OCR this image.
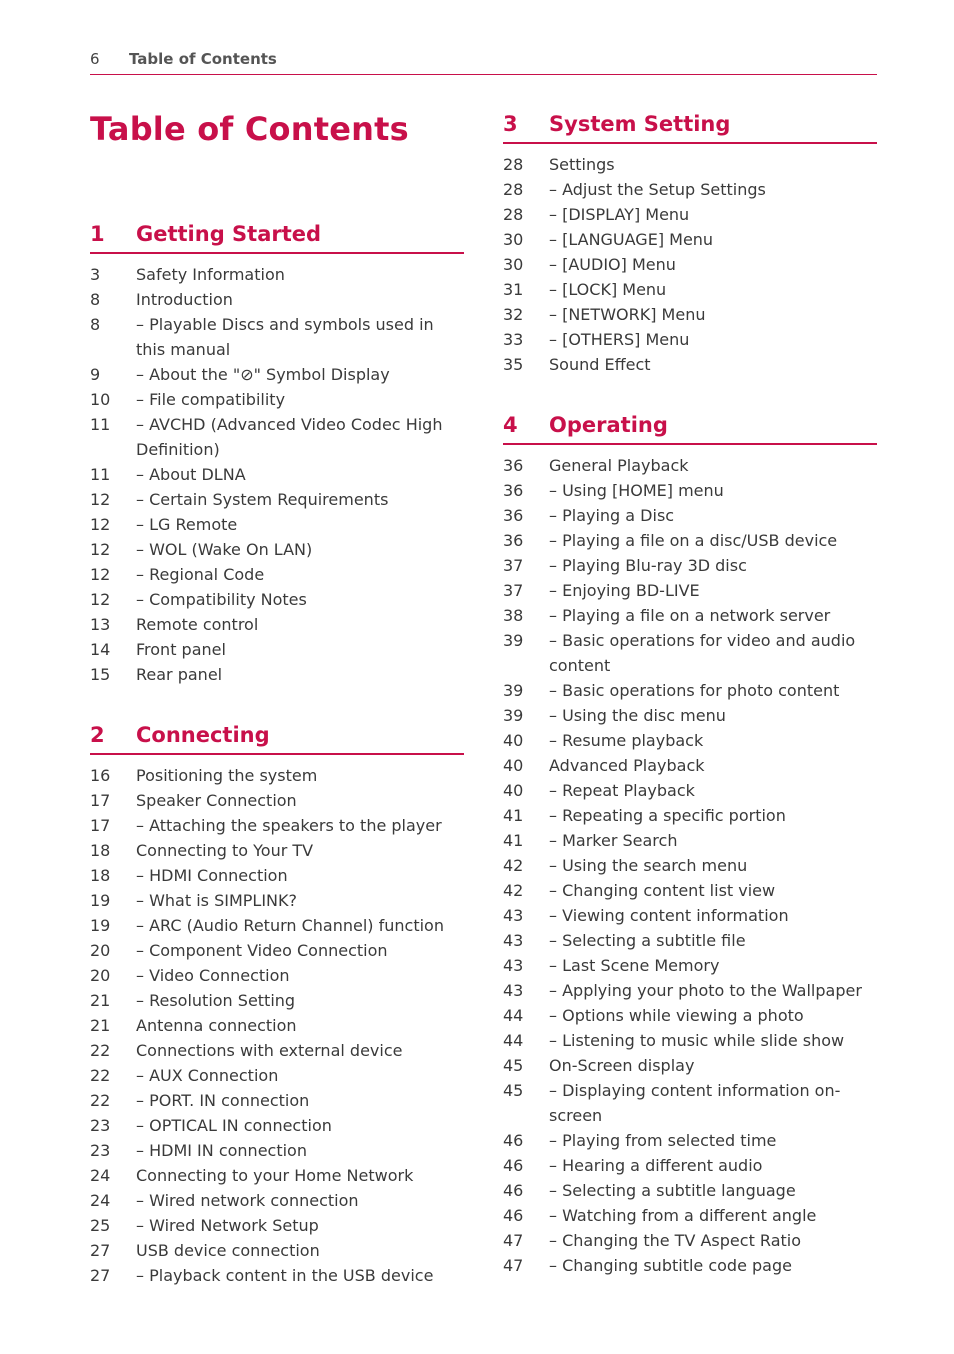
6 Table of Contents
Table of Contents
1	Getting Started
3	Safety Information
8	Introduction
8	– Playable Discs and symbols used in this manual
9	– About the "⊘" Symbol Display
10	– File compatibility
11	– AVCHD (Advanced Video Codec High Definition)
11	– About DLNA
12	– Certain System Requirements
12	– LG Remote
12	– WOL (Wake On LAN)
12	– Regional Code
12	– Compatibility Notes
13	Remote control
14	Front panel
15	Rear panel
2	Connecting
16	Positioning the system
17	Speaker Connection
17	– Attaching the speakers to the player
18	Connecting to Your TV
18	– HDMI Connection
19	– What is SIMPLINK?
19	– ARC (Audio Return Channel) function
20	– Component Video Connection
20	– Video Connection
21	– Resolution Setting
21	Antenna connection
22	Connections with external device
22	– AUX Connection
22	– PORT. IN connection
23	– OPTICAL IN connection
23	– HDMI IN connection
24	Connecting to your Home Network
24	– Wired network connection
25	– Wired Network Setup
27	USB device connection
27	– Playback content in the USB device
3	System Setting
28	Settings
28	– Adjust the Setup Settings
28	– [DISPLAY] Menu
30	– [LANGUAGE] Menu
30	– [AUDIO] Menu
31	– [LOCK] Menu
32	– [NETWORK] Menu
33	– [OTHERS] Menu
35	Sound Effect
4	Operating
36	General Playback
36	– Using [HOME] menu
36	– Playing a Disc
36	– Playing a file on a disc/USB device
37	– Playing Blu-ray 3D disc
37	– Enjoying BD-LIVE
38	– Playing a file on a network server
39	– Basic operations for video and audio content
39	– Basic operations for photo content
39	– Using the disc menu
40	– Resume playback
40	Advanced Playback
40	– Repeat Playback
41	– Repeating a specific portion
41	– Marker Search
42	– Using the search menu
42	– Changing content list view
43	– Viewing content information
43	– Selecting a subtitle file
43	– Last Scene Memory
43	– Applying your photo to the Wallpaper
44	– Options while viewing a photo
44	– Listening to music while slide show
45	On-Screen display
45	– Displaying content information on-screen
46	– Playing from selected time
46	– Hearing a different audio
46	– Selecting a subtitle language
46	– Watching from a different angle
47	– Changing the TV Aspect Ratio
47	– Changing subtitle code page
